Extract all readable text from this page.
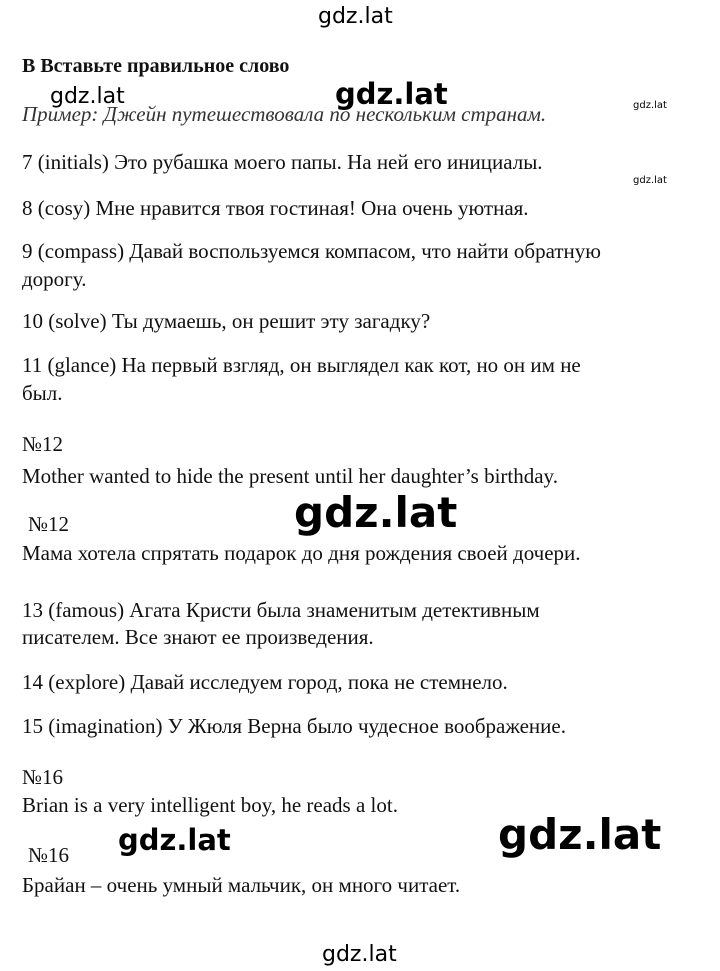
gdz.lat
gdz.lat	gdz.lat	gdz.lat
gdz.lat
gdz.lat
gdz.lat	gdz.lat
gdz.lat
В Вставьте правильное слово
Пример: Джейн путешествовала по нескольким странам.
7 (initials) Это рубашка моего папы. На ней его инициалы.
8 (cosy) Мне нравится твоя гостиная! Она очень уютная.
9 (compass) Давай воспользуемся компасом, что найти обратную
дорогу.
10 (solve) Ты думаешь, он решит эту загадку?
11 (glance) На первый взгляд, он выглядел как кот, но он им не
был.
№12
Mother wanted to hide the present until her daughter’s birthday.
№12
Мама хотела спрятать подарок до дня рождения своей дочери.
13 (famous) Агата Кристи была знаменитым детективным
писателем. Все знают ее произведения.
14 (explore) Давай исследуем город, пока не стемнело.
15 (imagination) У Жюля Верна было чудесное воображение.
№16
Brian is a very intelligent boy, he reads a lot.
№16
Брайан – очень умный мальчик, он много читает.
